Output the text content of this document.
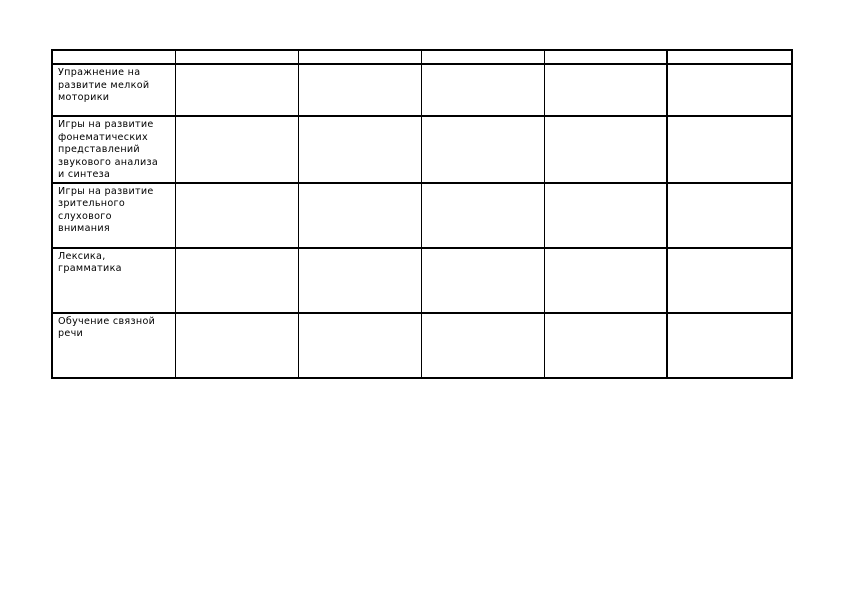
Упражнение на
развитие мелкой
моторики					

Игры на развитие
фонематических
представлений
звукового анализа
и синтеза					

Игры на развитие
зрительного
слухового
внимания					

Лексика,
грамматика					

Обучение связной
речи					
